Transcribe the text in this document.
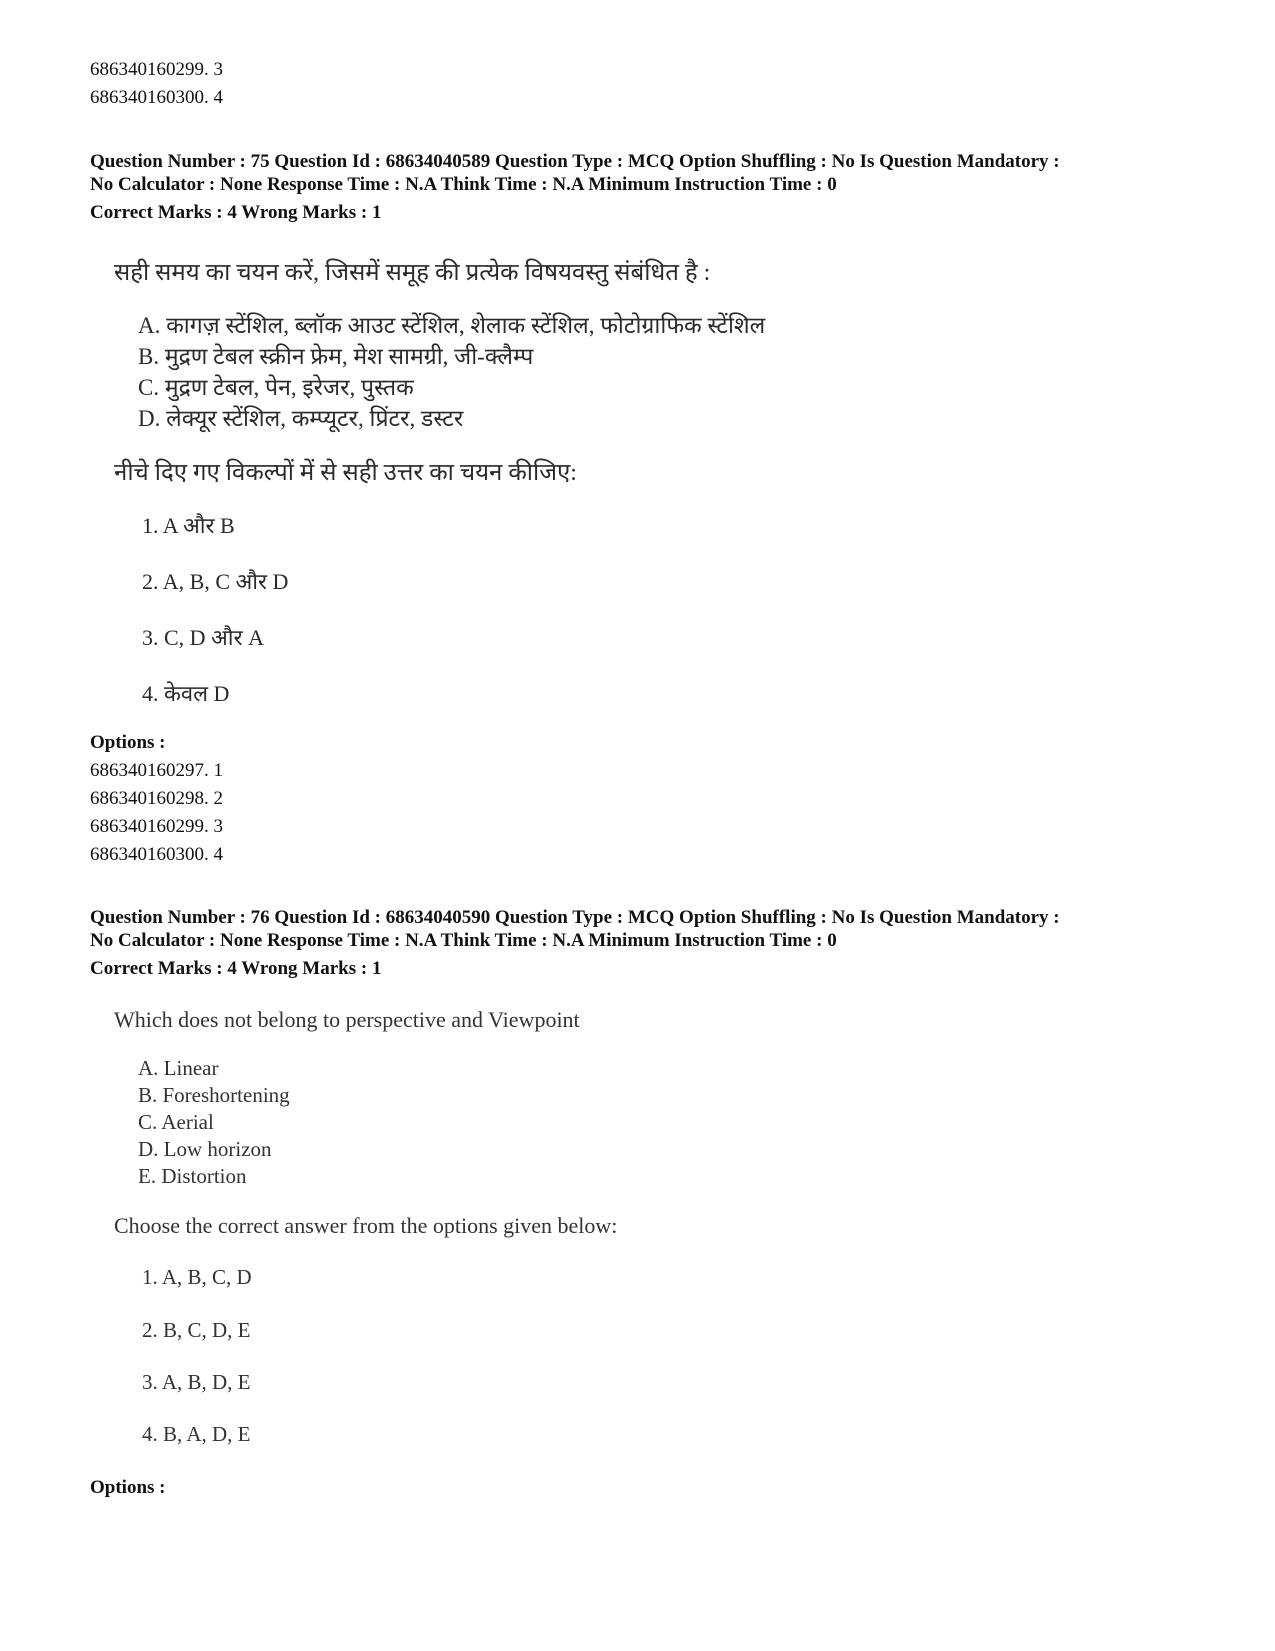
686340160299. 3
686340160300. 4
Question Number : 75 Question Id : 68634040589 Question Type : MCQ Option Shuffling : No Is Question Mandatory :
No Calculator : None Response Time : N.A Think Time : N.A Minimum Instruction Time : 0
Correct Marks : 4 Wrong Marks : 1
सही समय का चयन करें, जिसमें समूह की प्रत्येक विषयवस्तु संबंधित है :
A. कागज़ स्टेंशिल, ब्लॉक आउट स्टेंशिल, शेलाक स्टेंशिल, फोटोग्राफिक स्टेंशिल
B. मुद्रण टेबल स्क्रीन फ्रेम, मेश सामग्री, जी-क्लैम्प
C. मुद्रण टेबल, पेन, इरेजर, पुस्तक
D. लेक्यूर स्टेंशिल, कम्प्यूटर, प्रिंटर, डस्टर
नीचे दिए गए विकल्पों में से सही उत्तर का चयन कीजिए:
1. A और B
2. A, B, C और D
3. C, D और A
4. केवल D
Options :
686340160297. 1
686340160298. 2
686340160299. 3
686340160300. 4
Question Number : 76 Question Id : 68634040590 Question Type : MCQ Option Shuffling : No Is Question Mandatory :
No Calculator : None Response Time : N.A Think Time : N.A Minimum Instruction Time : 0
Correct Marks : 4 Wrong Marks : 1
Which does not belong to perspective and Viewpoint
A. Linear
B. Foreshortening
C. Aerial
D. Low horizon
E. Distortion
Choose the correct answer from the options given below:
1. A, B, C, D
2. B, C, D, E
3. A, B, D, E
4. B, A, D, E
Options :
